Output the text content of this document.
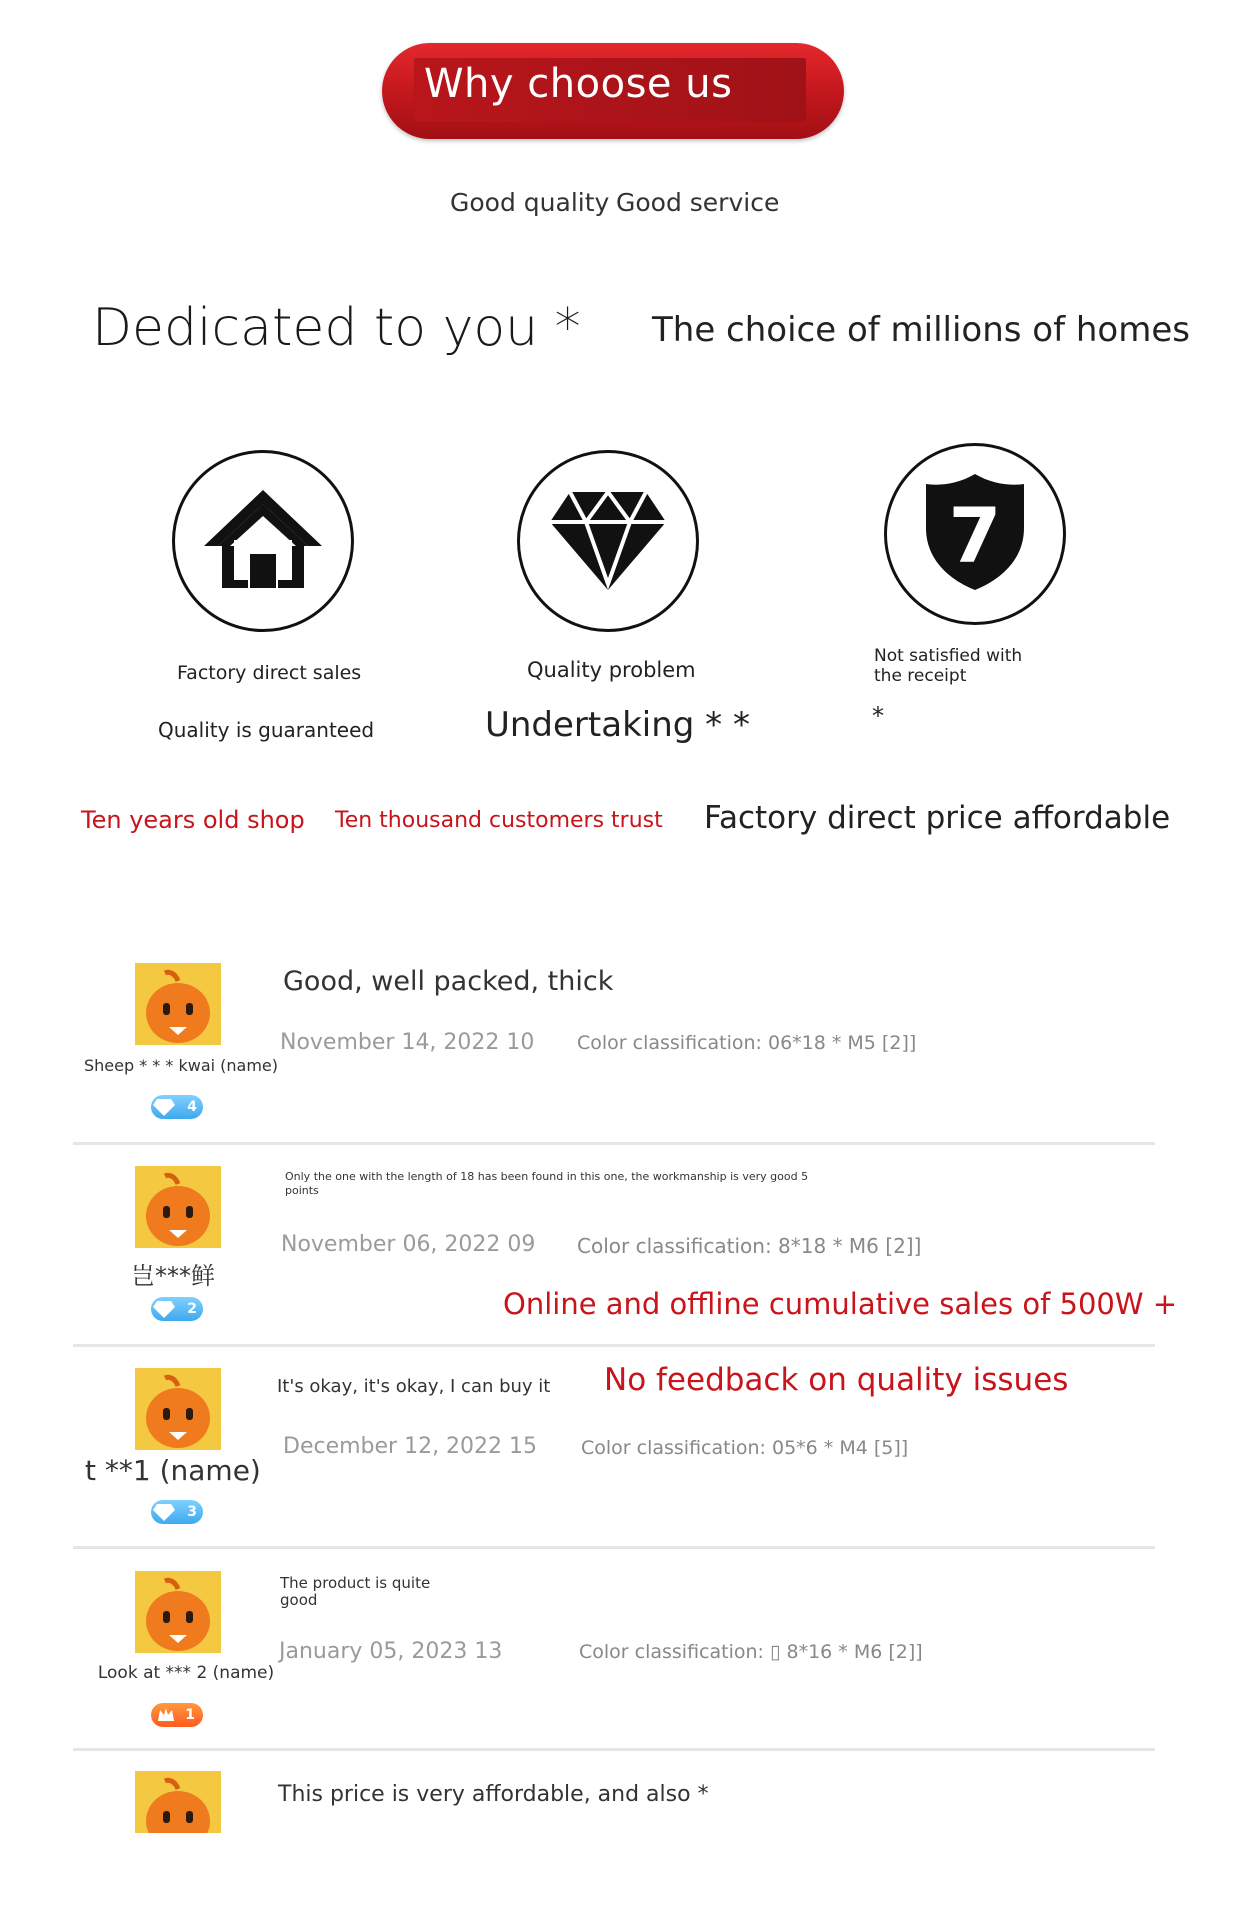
Why choose us
Good quality Good service
Dedicated to you * The choice of millions of homes
Factory direct sales
Quality is guaranteed
Quality problem
Undertaking * *
7
Not satisfied with the receipt
*
Ten years old shop Ten thousand customers trust Factory direct price affordable
Sheep * * * kwai (name)
4
Good, well packed, thick
November 14, 2022 10 Color classification: 06*18 * M5 [2]]
岂***鲜
2
Only the one with the length of 18 has been found in this one, the workmanship is very good 5 points
November 06, 2022 09 Color classification: 8*18 * M6 [2]]
Online and offline cumulative sales of 500W +
t **1 (name)
3
It's okay, it's okay, I can buy it
December 12, 2022 15 Color classification: 05*6 * M4 [5]]
No feedback on quality issues
Look at *** 2 (name)
1
The product is quite good
January 05, 2023 13	Color classification: ▯ 8*16 * M6 [2]]
This price is very affordable, and also *
